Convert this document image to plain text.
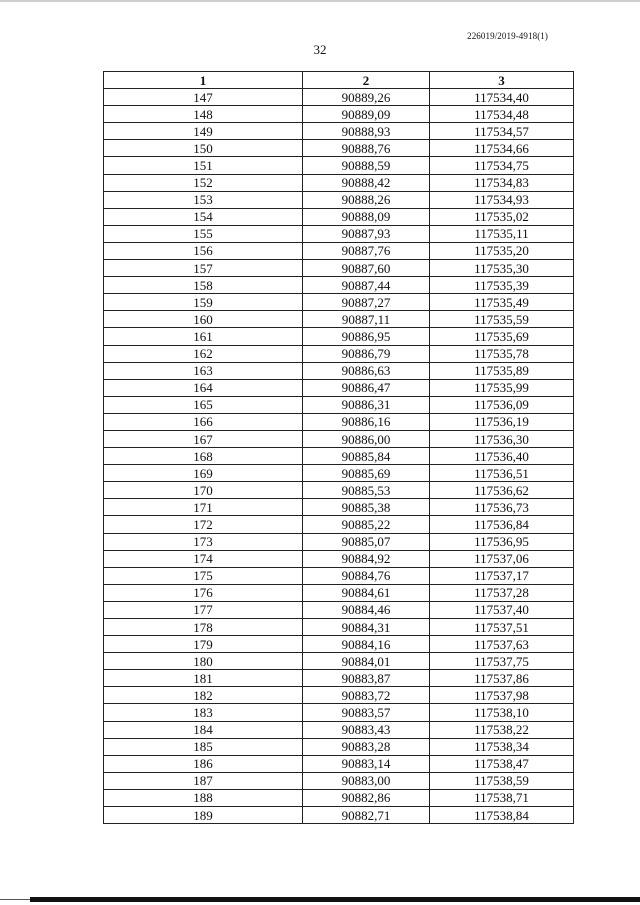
226019/2019-4918(1)
32
1	2	3
147	90889,26	117534,40
148	90889,09	117534,48
149	90888,93	117534,57
150	90888,76	117534,66
151	90888,59	117534,75
152	90888,42	117534,83
153	90888,26	117534,93
154	90888,09	117535,02
155	90887,93	117535,11
156	90887,76	117535,20
157	90887,60	117535,30
158	90887,44	117535,39
159	90887,27	117535,49
160	90887,11	117535,59
161	90886,95	117535,69
162	90886,79	117535,78
163	90886,63	117535,89
164	90886,47	117535,99
165	90886,31	117536,09
166	90886,16	117536,19
167	90886,00	117536,30
168	90885,84	117536,40
169	90885,69	117536,51
170	90885,53	117536,62
171	90885,38	117536,73
172	90885,22	117536,84
173	90885,07	117536,95
174	90884,92	117537,06
175	90884,76	117537,17
176	90884,61	117537,28
177	90884,46	117537,40
178	90884,31	117537,51
179	90884,16	117537,63
180	90884,01	117537,75
181	90883,87	117537,86
182	90883,72	117537,98
183	90883,57	117538,10
184	90883,43	117538,22
185	90883,28	117538,34
186	90883,14	117538,47
187	90883,00	117538,59
188	90882,86	117538,71
189	90882,71	117538,84
